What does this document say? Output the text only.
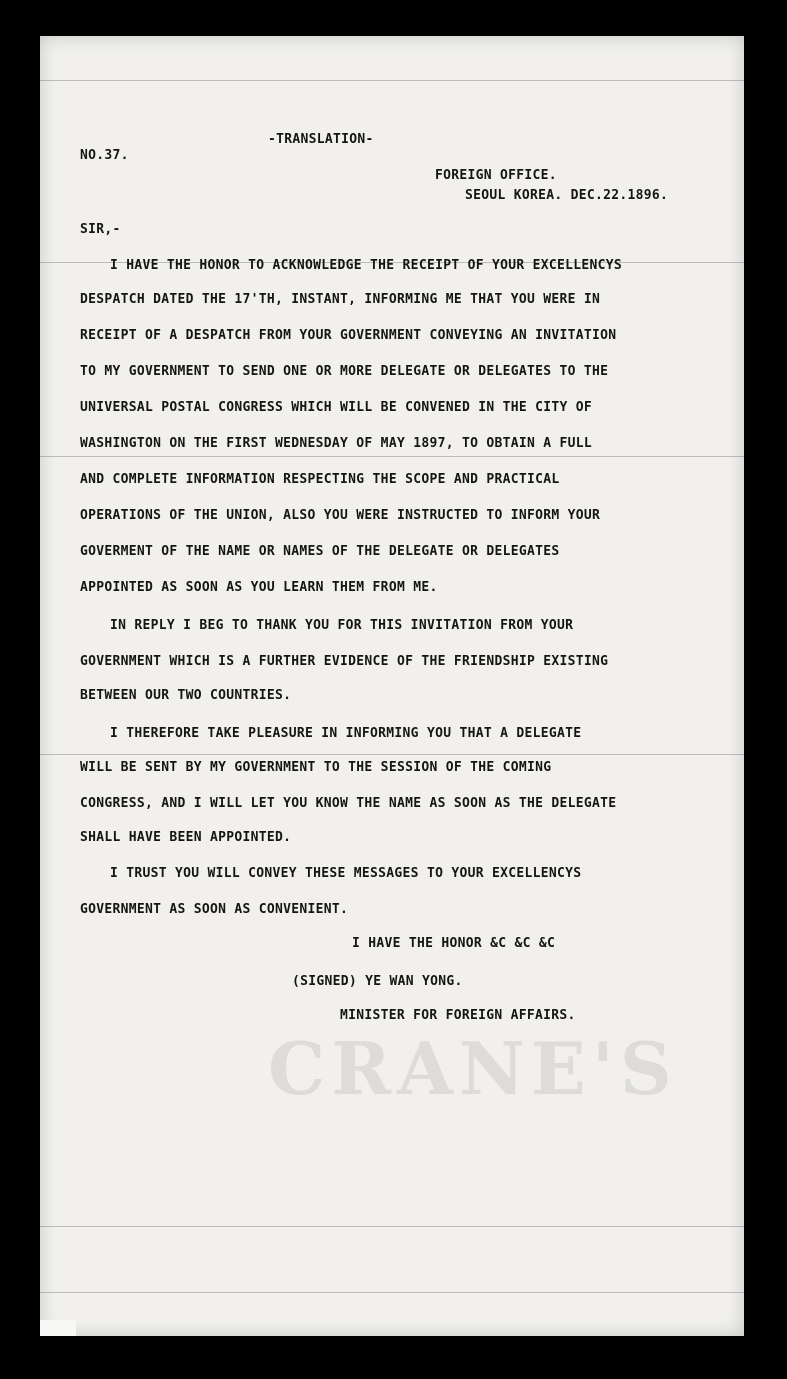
CRANE'S
-TRANSLATION-
NO.37.
FOREIGN OFFICE.
SEOUL KOREA. DEC.22.1896.
SIR,-
I HAVE THE HONOR TO ACKNOWLEDGE THE RECEIPT OF YOUR EXCELLENCYS
DESPATCH DATED THE 17'TH, INSTANT, INFORMING ME THAT YOU WERE IN
RECEIPT OF A DESPATCH FROM YOUR GOVERNMENT CONVEYING AN INVITATION
TO MY GOVERNMENT TO SEND ONE OR MORE DELEGATE OR DELEGATES TO THE
UNIVERSAL POSTAL CONGRESS WHICH WILL BE CONVENED IN THE CITY OF
WASHINGTON ON THE FIRST WEDNESDAY OF MAY 1897, TO OBTAIN A FULL
AND COMPLETE INFORMATION RESPECTING THE SCOPE AND PRACTICAL
OPERATIONS OF THE UNION, ALSO YOU WERE INSTRUCTED TO INFORM YOUR
GOVERMENT OF THE NAME OR NAMES OF THE DELEGATE OR DELEGATES
APPOINTED AS SOON AS YOU LEARN THEM FROM ME.
IN REPLY I BEG TO THANK YOU FOR THIS INVITATION FROM YOUR
GOVERNMENT WHICH IS A FURTHER EVIDENCE OF THE FRIENDSHIP EXISTING
BETWEEN OUR TWO COUNTRIES.
I THEREFORE TAKE PLEASURE IN INFORMING YOU THAT A DELEGATE
WILL BE SENT BY MY GOVERNMENT TO THE SESSION OF THE COMING
CONGRESS, AND I WILL LET YOU KNOW THE NAME AS SOON AS THE DELEGATE
SHALL HAVE BEEN APPOINTED.
I TRUST YOU WILL CONVEY THESE MESSAGES TO YOUR EXCELLENCYS
GOVERNMENT AS SOON AS CONVENIENT.
I HAVE THE HONOR &C &C &C
(SIGNED) YE WAN YONG.
MINISTER FOR FOREIGN AFFAIRS.
